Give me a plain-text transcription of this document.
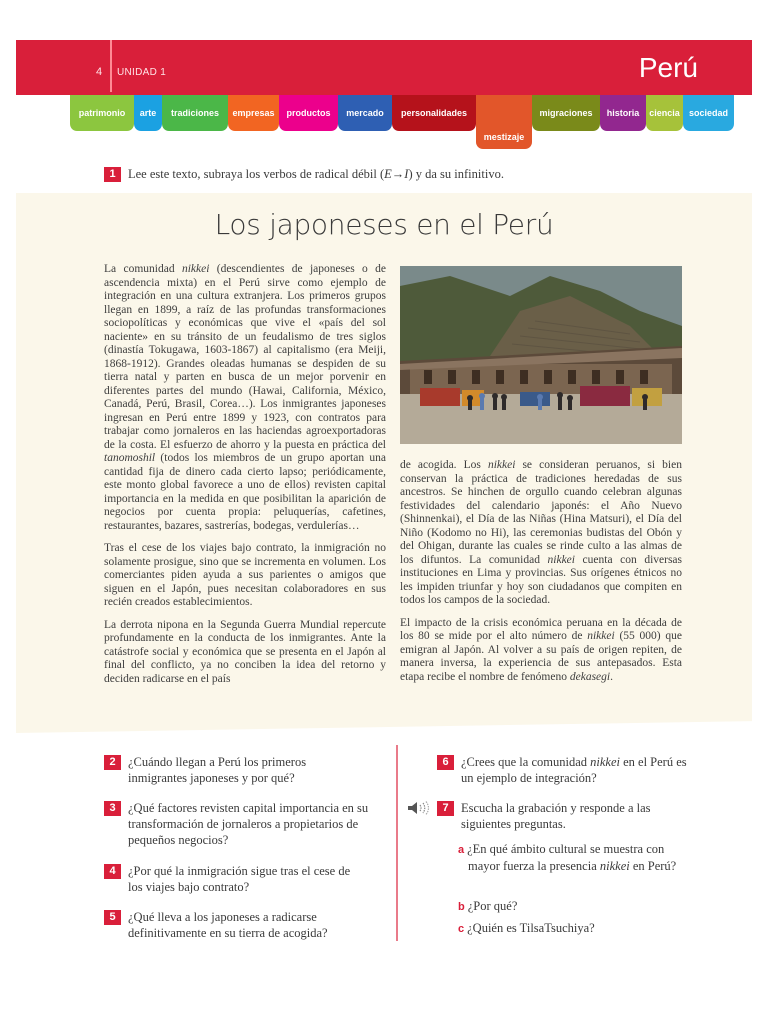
4 UNIDAD 1	Perú
patrimonio arte tradiciones empresas productos mercado personalidades
mestizaje
migraciones historia ciencia sociedad
1 Lee este texto, subraya los verbos de radical débil (E→I) y da su infinitivo.
Los japoneses en el Perú

La comunidad nikkei (descendientes de japoneses o de ascendencia mixta) en el Perú sirve como ejemplo de integración en una cultura extranjera. Los primeros grupos llegan en 1899, a raíz de las profundas transformaciones sociopolíticas y económicas que vive el «país del sol naciente» en su tránsito de un feudalismo de tres siglos (dinastía Tokugawa, 1603-1867) al capitalismo (era Meiji, 1868-1912). Grandes oleadas humanas se despiden de su tierra natal y parten en busca de un mejor porvenir en diferentes partes del mundo (Hawai, California, México, Canadá, Perú, Brasil, Corea…). Los inmigrantes japoneses ingresan en Perú entre 1899 y 1923, con contratos para trabajar como jornaleros en las haciendas agroexportadoras de la costa. El esfuerzo de ahorro y la puesta en práctica del tanomoshil (todos los miembros de un grupo aportan una cantidad fija de dinero cada cierto lapso; periódicamente, este monto global favorece a uno de ellos) revisten capital importancia en la medida en que posibilitan la aparición de negocios por cuenta propia: peluquerías, cafetines, restaurantes, bazares, sastrerías, bodegas, verdulerías…

Tras el cese de los viajes bajo contrato, la inmigración no solamente prosigue, sino que se incrementa en volumen. Los comerciantes piden ayuda a sus parientes o amigos que siguen en el Japón, pues necesitan colaboradores en sus recién creados establecimientos.

La derrota nipona en la Segunda Guerra Mundial repercute profundamente en la conducta de los inmigrantes. Ante la catástrofe social y económica que se presenta en el Japón al final del conflicto, ya no conciben la idea del retorno y deciden radicarse en el país

de acogida. Los nikkei se consideran peruanos, si bien conservan la práctica de tradiciones heredadas de sus ancestros. Se hinchen de orgullo cuando celebran algunas festividades del calendario japonés: el Año Nuevo (Shinnenkai), el Día de las Niñas (Hina Matsuri), el Día del Niño (Kodomo no Hi), las ceremonias budistas del Obón y del Ohigan, durante las cuales se rinde culto a las almas de los difuntos. La comunidad nikkei cuenta con diversas instituciones en Lima y provincias. Sus orígenes étnicos no les impiden triunfar y hoy son ciudadanos que compiten en todos los campos de la sociedad.

El impacto de la crisis económica peruana en la década de los 80 se mide por el alto número de nikkei (55 000) que emigran al Japón. Al volver a su país de origen repiten, de manera inversa, la experiencia de sus antepasados. Esta etapa recibe el nombre de fenómeno dekasegi.

2 ¿Cuándo llegan a Perú los primeros inmigrantes japoneses y por qué?
3 ¿Qué factores revisten capital importancia en su transformación de jornaleros a propietarios de pequeños negocios?
4 ¿Por qué la inmigración sigue tras el cese de los viajes bajo contrato?
5 ¿Qué lleva a los japoneses a radicarse definitivamente en su tierra de acogida?
6 ¿Crees que la comunidad nikkei en el Perú es un ejemplo de integración?
7 Escucha la grabación y responde a las siguientes preguntas.
a ¿En qué ámbito cultural se muestra con mayor fuerza la presencia nikkei en Perú?
b ¿Por qué?
c ¿Quién es TilsaTsuchiya?
